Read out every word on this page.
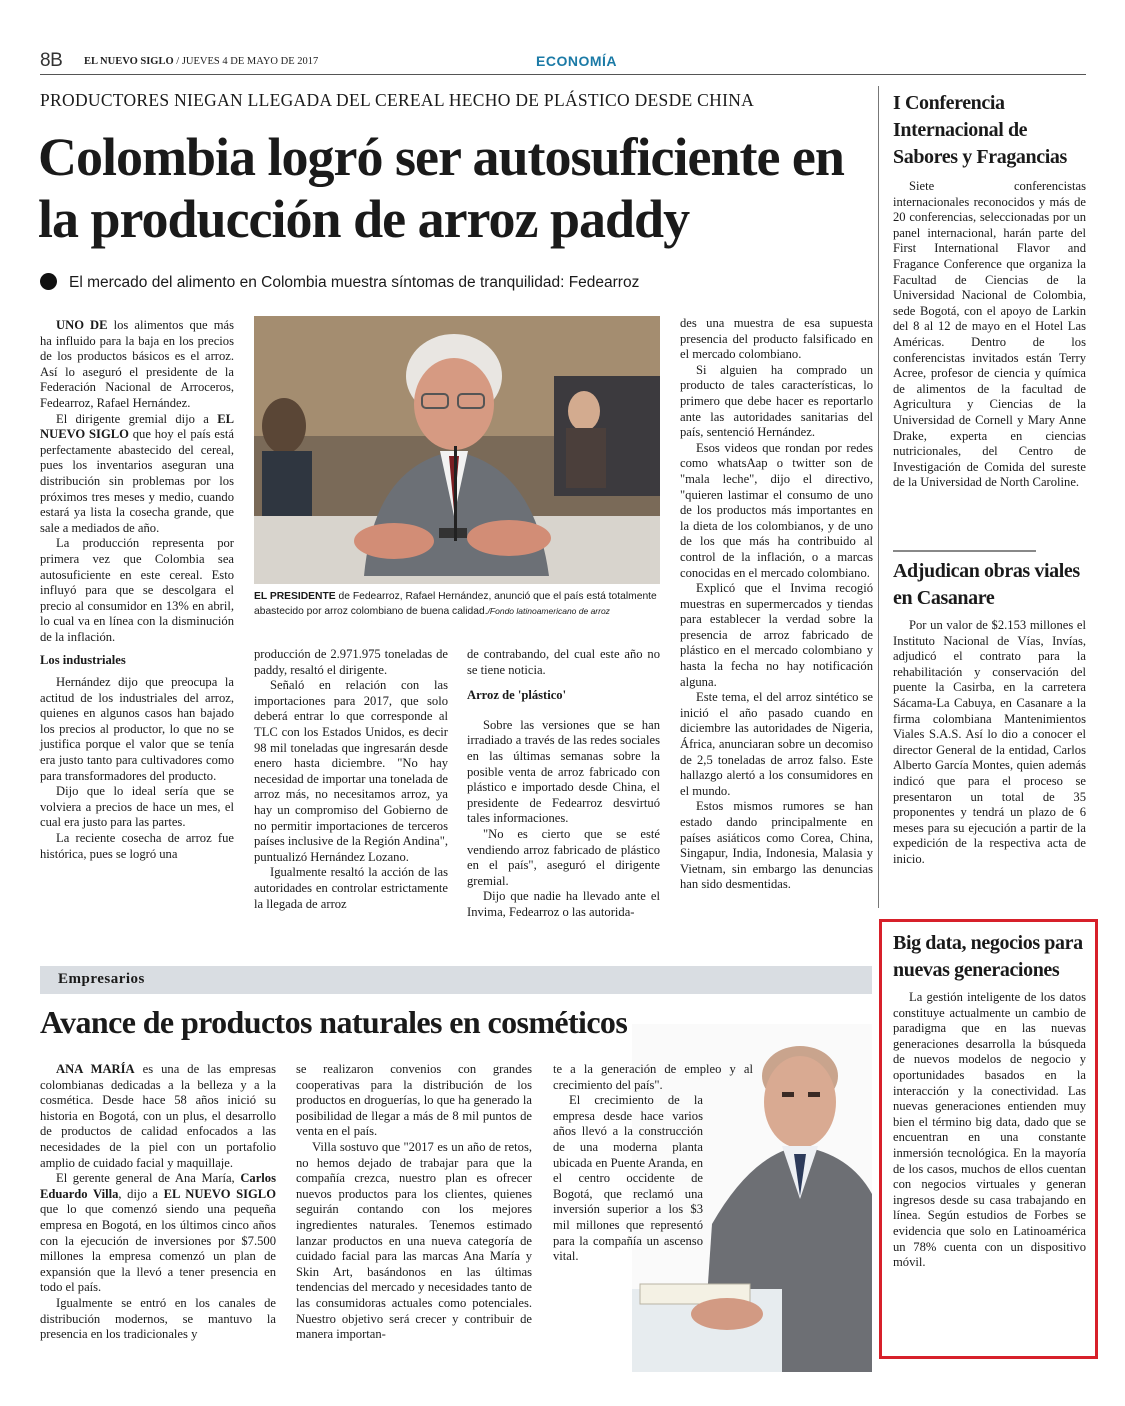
8B EL NUEVO SIGLO / JUEVES 4 DE MAYO DE 2017	ECONOMÍA
PRODUCTORES NIEGAN LLEGADA DEL CEREAL HECHO DE PLÁSTICO DESDE CHINA
Colombia logró ser autosuficiente en la producción de arroz paddy
El mercado del alimento en Colombia muestra síntomas de tranquilidad: Fedearroz

UNO DE los alimentos que más ha influido para la baja en los precios de los productos básicos es el arroz. Así lo aseguró el presidente de la Federación Nacional de Arroceros, Fedearroz, Rafael Hernández.

El dirigente gremial dijo a EL NUEVO SIGLO que hoy el país está perfectamente abastecido del cereal, pues los inventarios aseguran una distribución sin problemas por los próximos tres meses y medio, cuando estará ya lista la cosecha grande, que sale a mediados de año.

La producción representa por primera vez que Colombia sea autosuficiente en este cereal. Esto influyó para que se descolgara el precio al consumidor en 13% en abril, lo cual va en línea con la disminución de la inflación.

Los industriales

Hernández dijo que preocupa la actitud de los industriales del arroz, quienes en algunos casos han bajado los precios al productor, lo que no se justifica porque el valor que se tenía era justo tanto para cultivadores como para transformadores del producto.

Dijo que lo ideal sería que se volviera a precios de hace un mes, el cual era justo para las partes.

La reciente cosecha de arroz fue histórica, pues se logró una

EL PRESIDENTE de Fedearroz, Rafael Hernández, anunció que el país está totalmente abastecido por arroz colombiano de buena calidad./Fondo latinoamericano de arroz

producción de 2.971.975 toneladas de paddy, resaltó el dirigente.

Señaló en relación con las importaciones para 2017, que solo deberá entrar lo que corresponde al TLC con los Estados Unidos, es decir 98 mil toneladas que ingresarán desde enero hasta diciembre. "No hay necesidad de importar una tonelada de arroz más, no necesitamos arroz, ya hay un compromiso del Gobierno de no permitir importaciones de terceros países inclusive de la Región Andina", puntualizó Hernández Lozano.

Igualmente resaltó la acción de las autoridades en controlar estrictamente la llegada de arroz

de contrabando, del cual este año no se tiene noticia.

Arroz de 'plástico'

Sobre las versiones que se han irradiado a través de las redes sociales en las últimas semanas sobre la posible venta de arroz fabricado con plástico e importado desde China, el presidente de Fedearroz desvirtuó tales informaciones.

"No es cierto que se esté vendiendo arroz fabricado de plástico en el país", aseguró el dirigente gremial.

Dijo que nadie ha llevado ante el Invima, Fedearroz o las autorida-

des una muestra de esa supuesta presencia del producto falsificado en el mercado colombiano.

Si alguien ha comprado un producto de tales características, lo primero que debe hacer es reportarlo ante las autoridades sanitarias del país, sentenció Hernández.

Esos videos que rondan por redes como whatsAap o twitter son de "mala leche", dijo el directivo, "quieren lastimar el consumo de uno de los productos más importantes en la dieta de los colombianos, y de uno de los que más ha contribuido al control de la inflación, o a marcas conocidas en el mercado colombiano.

Explicó que el Invima recogió muestras en supermercados y tiendas para establecer la verdad sobre la presencia de arroz fabricado de plástico en el mercado colombiano y hasta la fecha no hay notificación alguna.

Este tema, el del arroz sintético se inició el año pasado cuando en diciembre las autoridades de Nigeria, África, anunciaran sobre un decomiso de 2,5 toneladas de arroz falso. Este hallazgo alertó a los consumidores en el mundo.

Estos mismos rumores se han estado dando principalmente en países asiáticos como Corea, China, Singapur, India, Indonesia, Malasia y Vietnam, sin embargo las denuncias han sido desmentidas.

I Conferencia Internacional de Sabores y Fragancias

Siete conferencistas internacionales reconocidos y más de 20 conferencias, seleccionadas por un panel internacional, harán parte del First International Flavor and Fragance Conference que organiza la Facultad de Ciencias de la Universidad Nacional de Colombia, sede Bogotá, con el apoyo de Larkin del 8 al 12 de mayo en el Hotel Las Américas. Dentro de los conferencistas invitados están Terry Acree, profesor de ciencia y química de alimentos de la facultad de Agricultura y Ciencias de la Universidad de Cornell y Mary Anne Drake, experta en ciencias nutricionales, del Centro de Investigación de Comida del sureste de la Universidad de North Caroline.

Adjudican obras viales en Casanare

Por un valor de $2.153 millones el Instituto Nacional de Vías, Invías, adjudicó el contrato para la rehabilitación y conservación del puente la Casirba, en la carretera Sácama-La Cabuya, en Casanare a la firma colombiana Mantenimientos Viales S.A.S. Así lo dio a conocer el director General de la entidad, Carlos Alberto García Montes, quien además indicó que para el proceso se presentaron un total de 35 proponentes y tendrá un plazo de 6 meses para su ejecución a partir de la expedición de la respectiva acta de inicio.

Big data, negocios para nuevas generaciones

La gestión inteligente de los datos constituye actualmente un cambio de paradigma que en las nuevas generaciones desarrolla la búsqueda de nuevos modelos de negocio y oportunidades basados en la interacción y la conectividad. Las nuevas generaciones entienden muy bien el término big data, dado que se encuentran en una constante inmersión tecnológica. En la mayoría de los casos, muchos de ellos cuentan con negocios virtuales y generan ingresos desde su casa trabajando en línea. Según estudios de Forbes se evidencia que solo en Latinoamérica un 78% cuenta con un dispositivo móvil.

Empresarios
Avance de productos naturales en cosméticos

ANA MARÍA es una de las empresas colombianas dedicadas a la belleza y a la cosmética. Desde hace 58 años inició su historia en Bogotá, con un plus, el desarrollo de productos de calidad enfocados a las necesidades de la piel con un portafolio amplio de cuidado facial y maquillaje.

El gerente general de Ana María, Carlos Eduardo Villa, dijo a EL NUEVO SIGLO que lo que comenzó siendo una pequeña empresa en Bogotá, en los últimos cinco años con la ejecución de inversiones por $7.500 millones la empresa comenzó un plan de expansión que la llevó a tener presencia en todo el país.

Igualmente se entró en los canales de distribución modernos, se mantuvo la presencia en los tradicionales y

se realizaron convenios con grandes cooperativas para la distribución de los productos en droguerías, lo que ha generado la posibilidad de llegar a más de 8 mil puntos de venta en el país.

Villa sostuvo que "2017 es un año de retos, no hemos dejado de trabajar para que la compañía crezca, nuestro plan es ofrecer nuevos productos para los clientes, quienes seguirán contando con los mejores ingredientes naturales. Tenemos estimado lanzar productos en una nueva categoría de cuidado facial para las marcas Ana María y Skin Art, basándonos en las últimas tendencias del mercado y necesidades tanto de las consumidoras actuales como potenciales. Nuestro objetivo será crecer y contribuir de manera importan-

te a la generación de empleo y al crecimiento del país".

El crecimiento de la empresa desde hace varios años llevó a la construcción de una moderna planta ubicada en Puente Aranda, en el centro occidente de Bogotá, que reclamó una inversión superior a los $3 mil millones que representó para la compañía un ascenso vital.
